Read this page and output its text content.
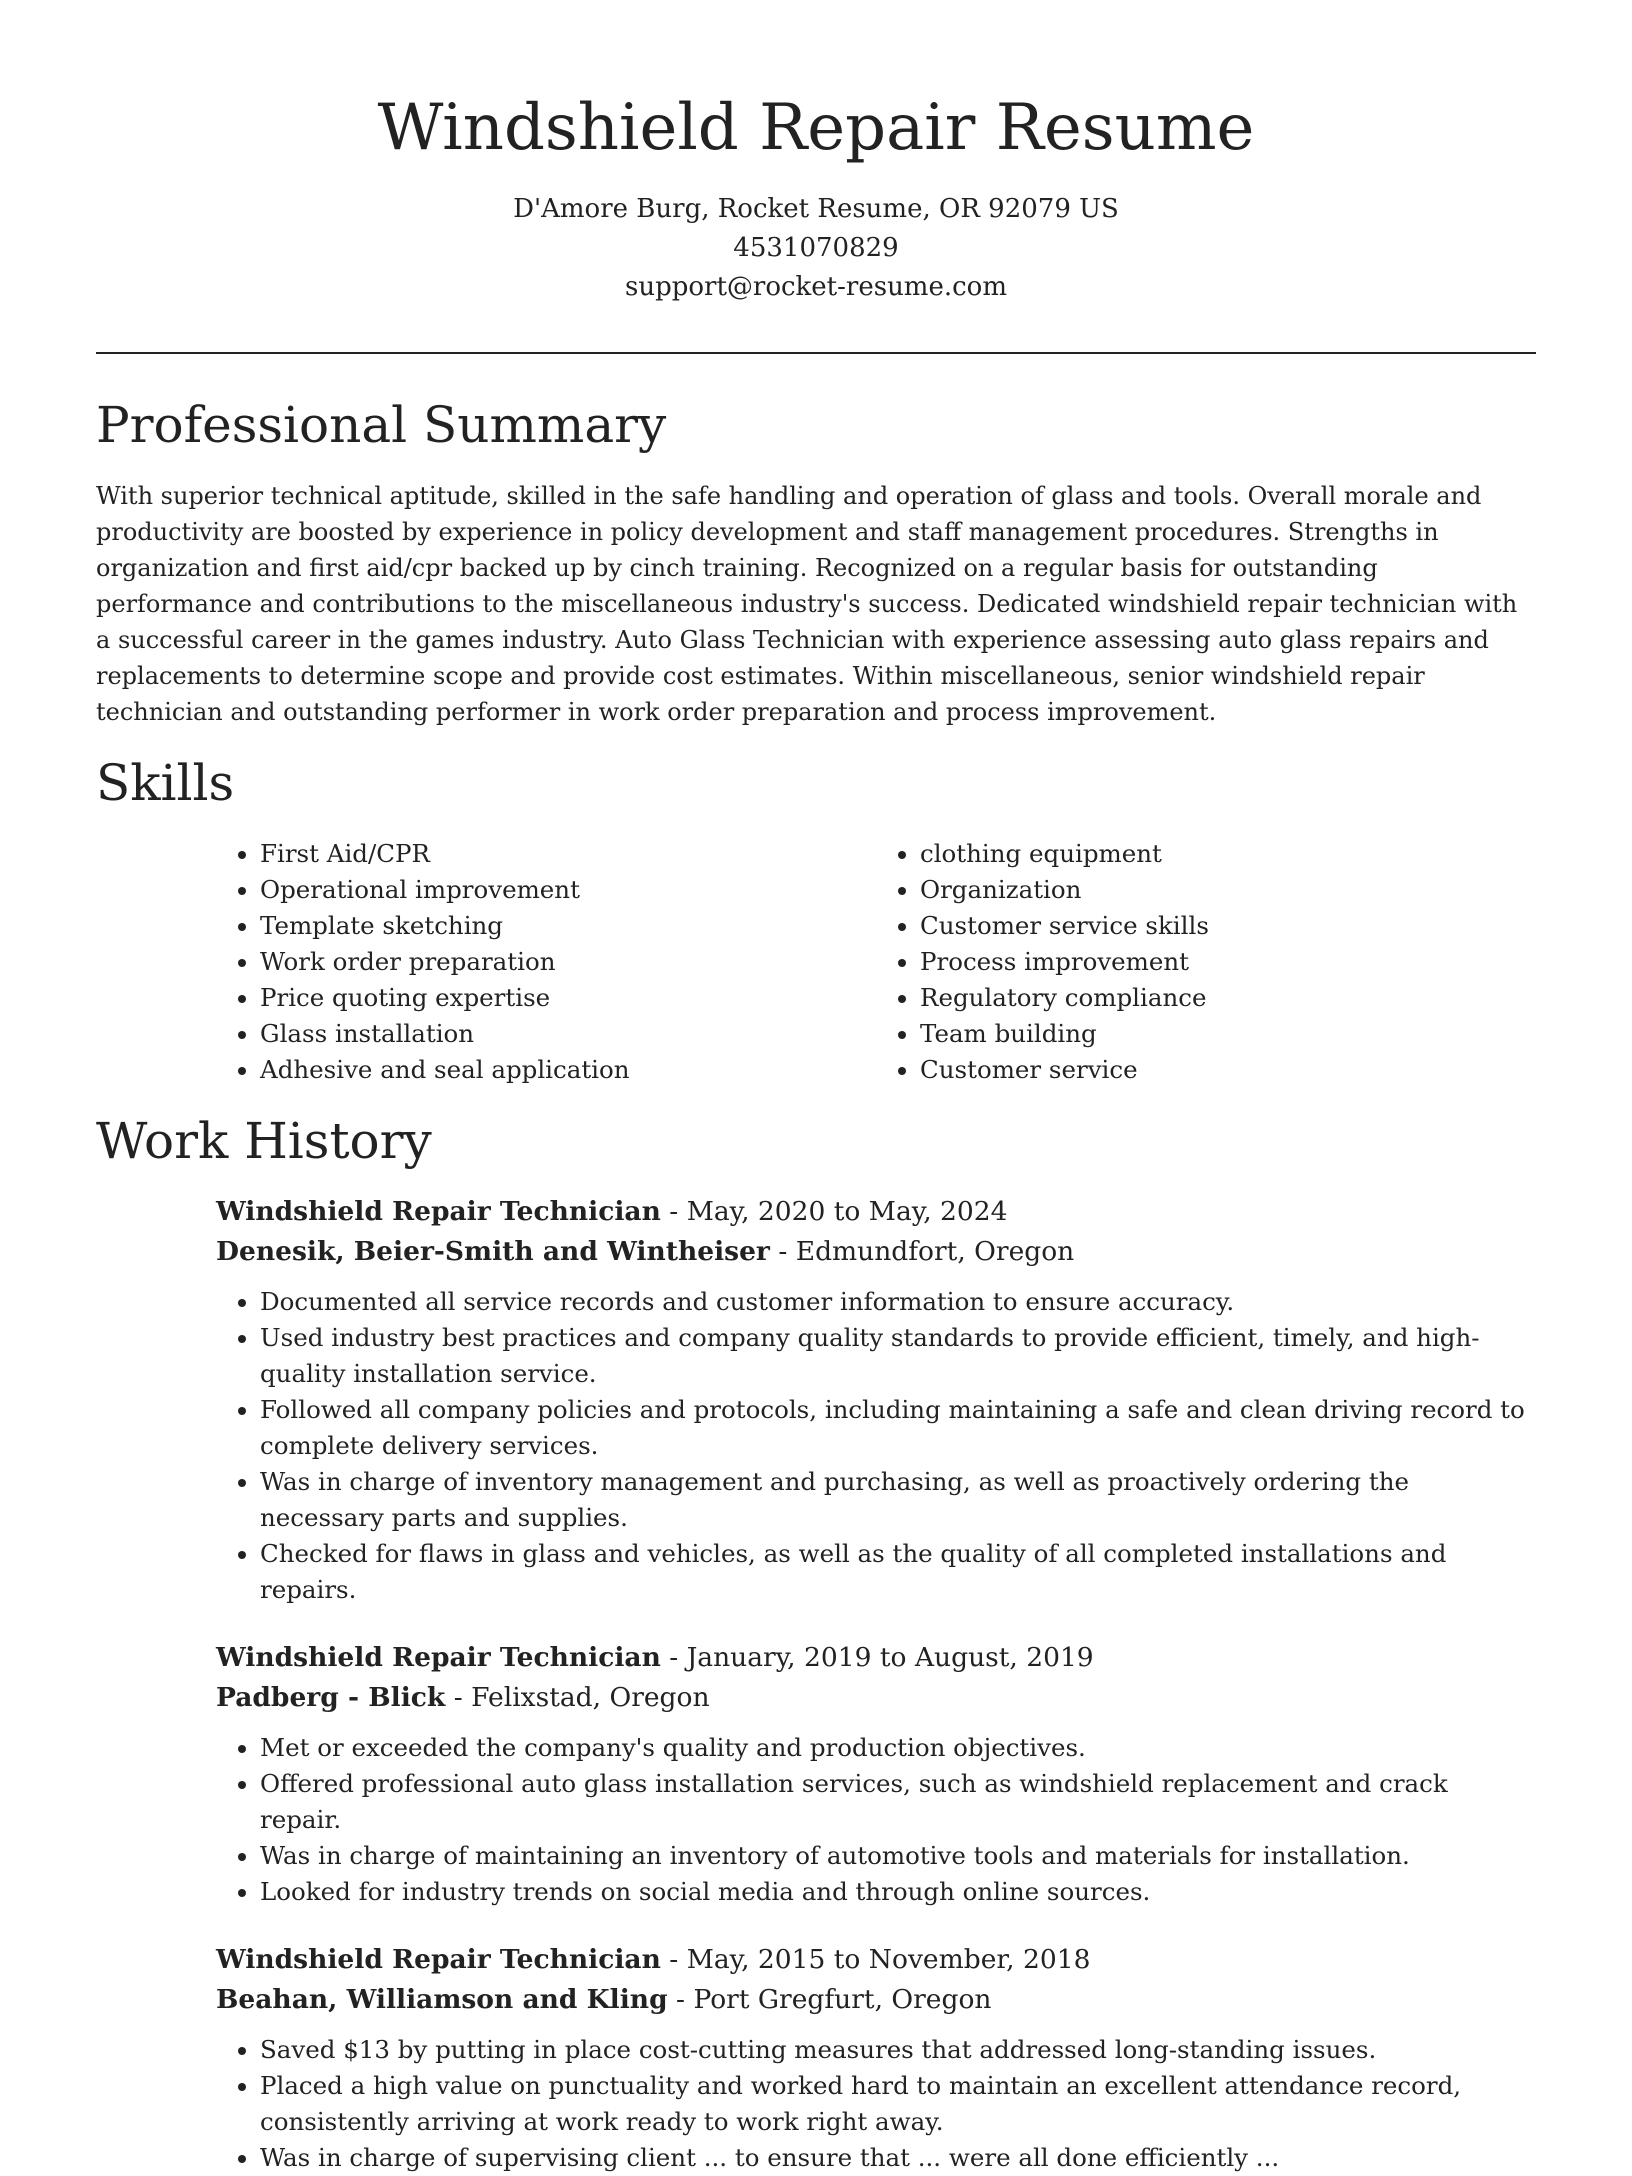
Windshield Repair Resume
D'Amore Burg, Rocket Resume, OR 92079 US
4531070829
support@rocket-resume.com
Professional Summary

With superior technical aptitude, skilled in the safe handling and operation of glass and tools. Overall morale and productivity are boosted by experience in policy development and staff management procedures. Strengths in organization and first aid/cpr backed up by cinch training. Recognized on a regular basis for outstanding performance and contributions to the miscellaneous industry's success. Dedicated windshield repair technician with a successful career in the games industry. Auto Glass Technician with experience assessing auto glass repairs and replacements to determine scope and provide cost estimates. Within miscellaneous, senior windshield repair technician and outstanding performer in work order preparation and process improvement.

Skills
• First Aid/CPR
• Operational improvement
• Template sketching
• Work order preparation
• Price quoting expertise
• Glass installation
• Adhesive and seal application
• clothing equipment
• Organization
• Customer service skills
• Process improvement
• Regulatory compliance
• Team building
• Customer service
Work History
Windshield Repair Technician - May, 2020 to May, 2024
Denesik, Beier-Smith and Wintheiser - Edmundfort, Oregon
• Documented all service records and customer information to ensure accuracy.
• Used industry best practices and company quality standards to provide efficient, timely, and high-quality installation service.
• Followed all company policies and protocols, including maintaining a safe and clean driving record to complete delivery services.
• Was in charge of inventory management and purchasing, as well as proactively ordering the necessary parts and supplies.
• Checked for flaws in glass and vehicles, as well as the quality of all completed installations and repairs.
Windshield Repair Technician - January, 2019 to August, 2019
Padberg - Blick - Felixstad, Oregon
• Met or exceeded the company's quality and production objectives.
• Offered professional auto glass installation services, such as windshield replacement and crack repair.
• Was in charge of maintaining an inventory of automotive tools and materials for installation.
• Looked for industry trends on social media and through online sources.
Windshield Repair Technician - May, 2015 to November, 2018
Beahan, Williamson and Kling - Port Gregfurt, Oregon
• Saved $13 by putting in place cost-cutting measures that addressed long-standing issues.
• Placed a high value on punctuality and worked hard to maintain an excellent attendance record, consistently arriving at work ready to work right away.
• Was in charge of supervising client ... to ensure that ... were all done efficiently ...
